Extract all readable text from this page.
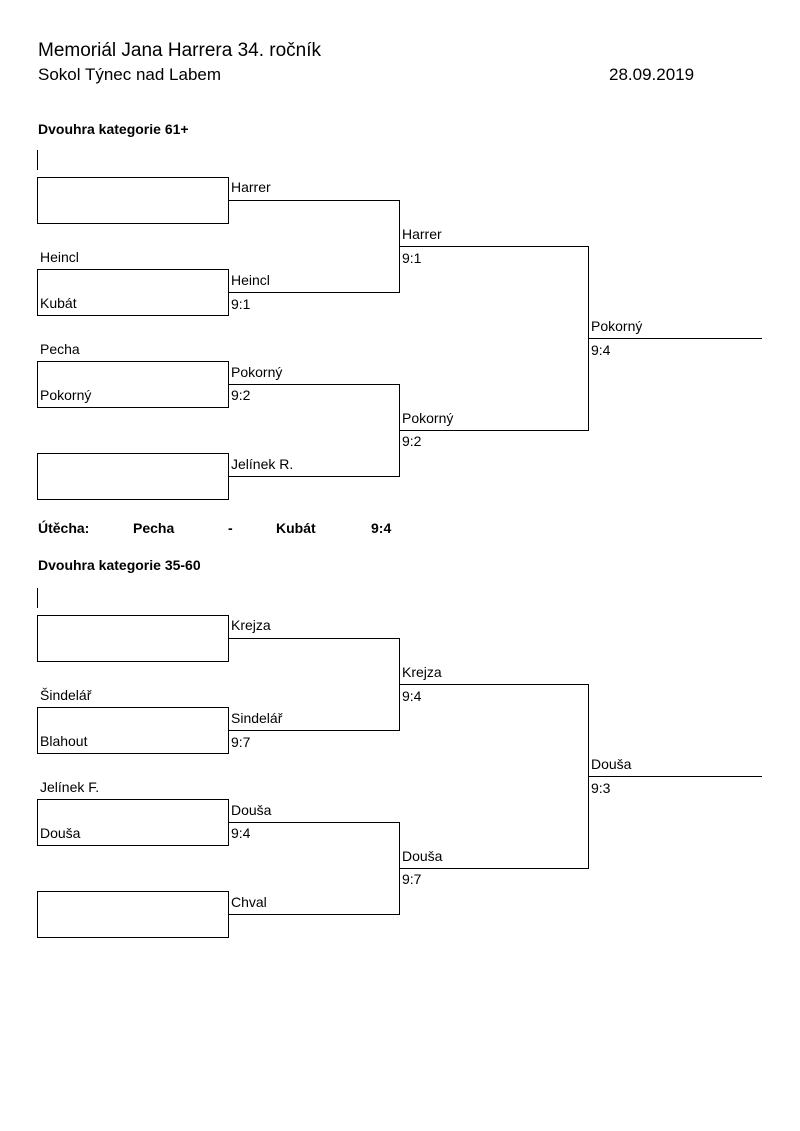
Memoriál Jana Harrera 34. ročník
Sokol Týnec nad Labem	28.09.2019
Dvouhra kategorie 61+
Heincl
Kubát
Pecha
Pokorný
Harrer
Heincl
9:1
Pokorný
9:2
Jelínek R.
Harrer
9:1
Pokorný
9:2
Pokorný
9:4
Útěcha:	Pecha	-	Kubát	9:4
Dvouhra kategorie 35-60
Šindelář
Blahout
Jelínek F.
Douša
Krejza
Sindelář
9:7
Douša
9:4
Chval
Krejza
9:4
Douša
9:7
Douša
9:3
